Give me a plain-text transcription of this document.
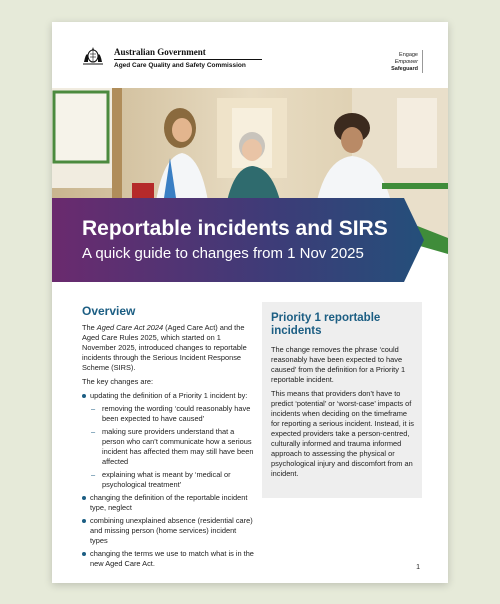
Australian Government
Aged Care Quality and Safety Commission
Engage
Empower
Safeguard
Reportable incidents and SIRS

A quick guide to changes from 1 Nov 2025

Overview

The Aged Care Act 2024 (Aged Care Act) and the Aged Care Rules 2025, which started on 1 November 2025, introduced changes to reportable incidents through the Serious Incident Response Scheme (SIRS).

The key changes are:

updating the definition of a Priority 1 incident by:
– removing the wording ‘could reasonably have been expected to have caused’
– making sure providers understand that a person who can’t communicate how a serious incident has affected them may still have been affected
– explaining what is meant by ‘medical or psychological treatment’
changing the definition of the reportable incident type, neglect
combining unexplained absence (residential care) and missing person (home services) incident types
changing the terms we use to match what is in the new Aged Care Act.
Priority 1 reportable incidents

The change removes the phrase ‘could reasonably have been expected to have caused’ from the definition for a Priority 1 reportable incident.

This means that providers don’t have to predict ‘potential’ or ‘worst-case’ impacts of incidents when deciding on the timeframe for reporting a serious incident. Instead, it is expected providers take a person-centred, culturally informed and trauma informed approach to assessing the physical or psychological injury and discomfort from an incident.

1
